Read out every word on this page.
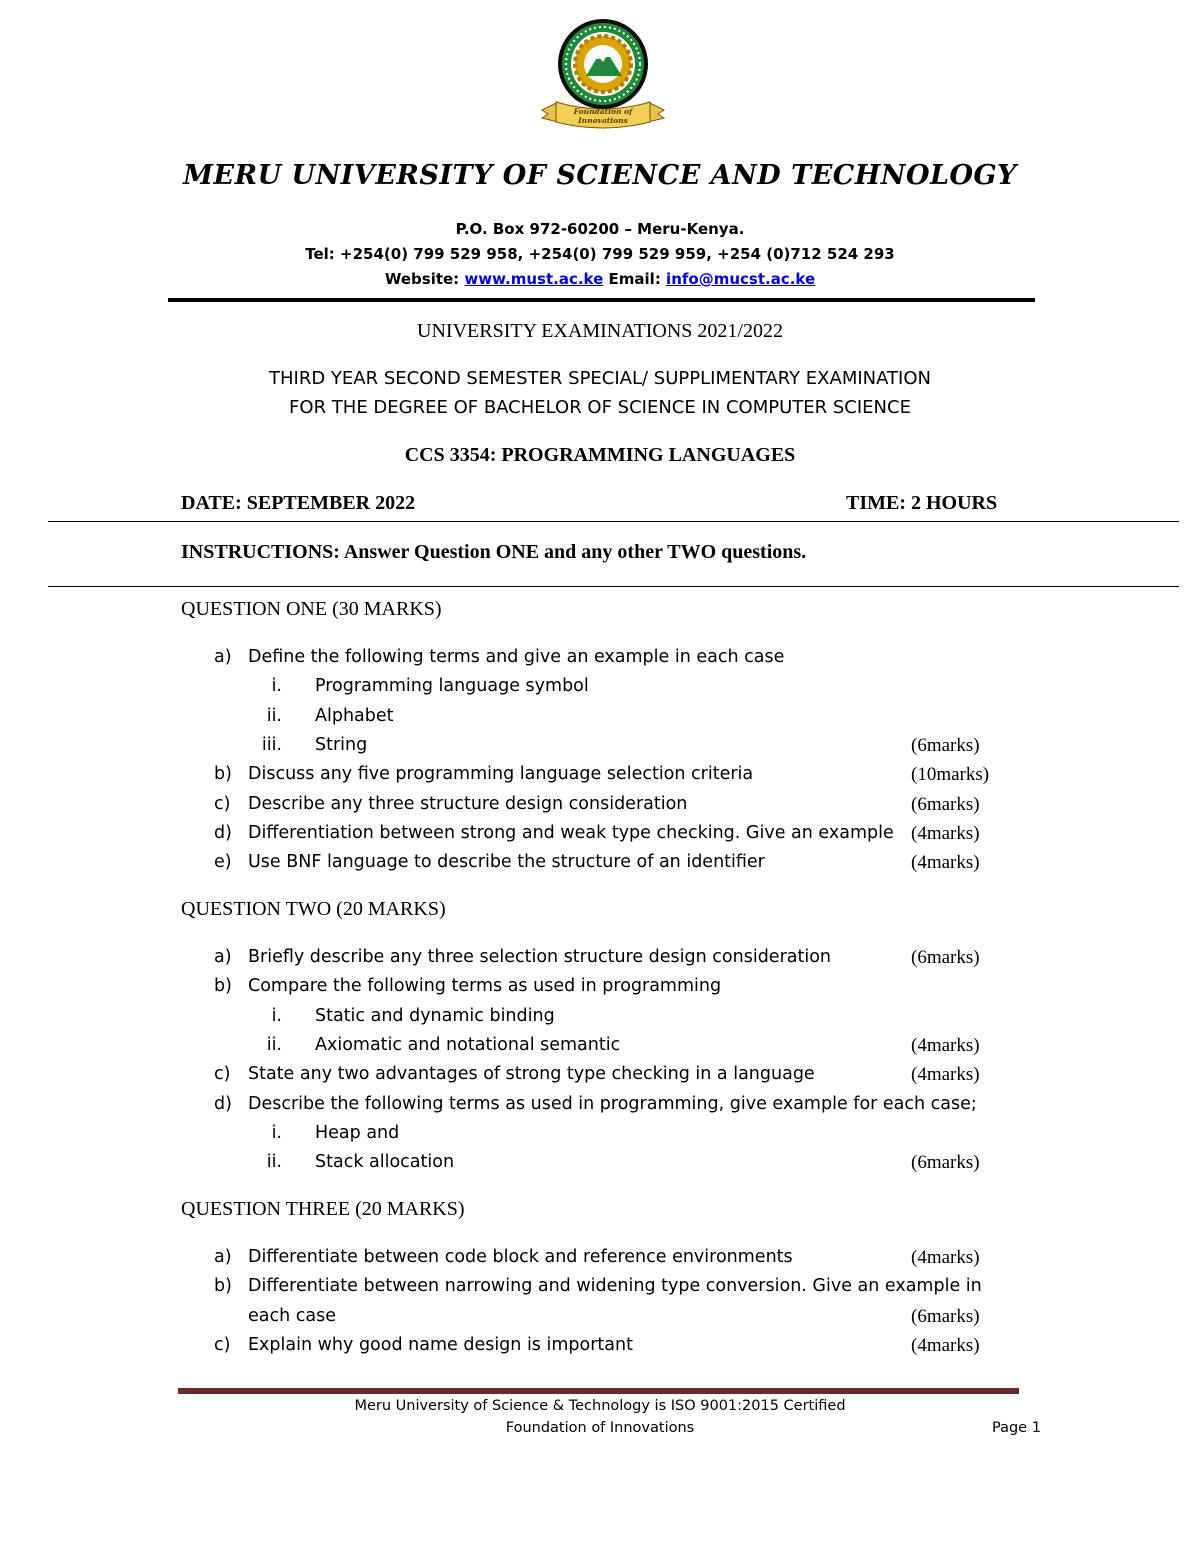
Foundation of Innovations
MERU UNIVERSITY OF SCIENCE AND TECHNOLOGY
P.O. Box 972-60200 – Meru-Kenya.
Tel: +254(0) 799 529 958, +254(0) 799 529 959, +254 (0)712 524 293
Website: www.must.ac.ke Email: info@mucst.ac.ke
UNIVERSITY EXAMINATIONS 2021/2022
THIRD YEAR SECOND SEMESTER SPECIAL/ SUPPLIMENTARY EXAMINATION
FOR THE DEGREE OF BACHELOR OF SCIENCE IN COMPUTER SCIENCE
CCS 3354: PROGRAMMING LANGUAGES
DATE: SEPTEMBER 2022	TIME: 2 HOURS
INSTRUCTIONS: Answer Question ONE and any other TWO questions.
QUESTION ONE (30 MARKS)
a) Define the following terms and give an example in each case
i. Programming language symbol
ii. Alphabet
iii. String	(6marks)
b) Discuss any five programming language selection criteria	(10marks)
c) Describe any three structure design consideration	(6marks)
d) Differentiation between strong and weak type checking. Give an example (4marks)
e) Use BNF language to describe the structure of an identifier	(4marks)
QUESTION TWO (20 MARKS)
a) Briefly describe any three selection structure design consideration	(6marks)
b) Compare the following terms as used in programming
i. Static and dynamic binding
ii. Axiomatic and notational semantic	(4marks)
c) State any two advantages of strong type checking in a language	(4marks)
d) Describe the following terms as used in programming, give example for each case;
i. Heap and
ii. Stack allocation	(6marks)
QUESTION THREE (20 MARKS)
a) Differentiate between code block and reference environments	(4marks)
b) Differentiate between narrowing and widening type conversion. Give an example in
each case	(6marks)
c) Explain why good name design is important	(4marks)
Meru University of Science & Technology is ISO 9001:2015 Certified
Foundation of Innovations	Page 1
